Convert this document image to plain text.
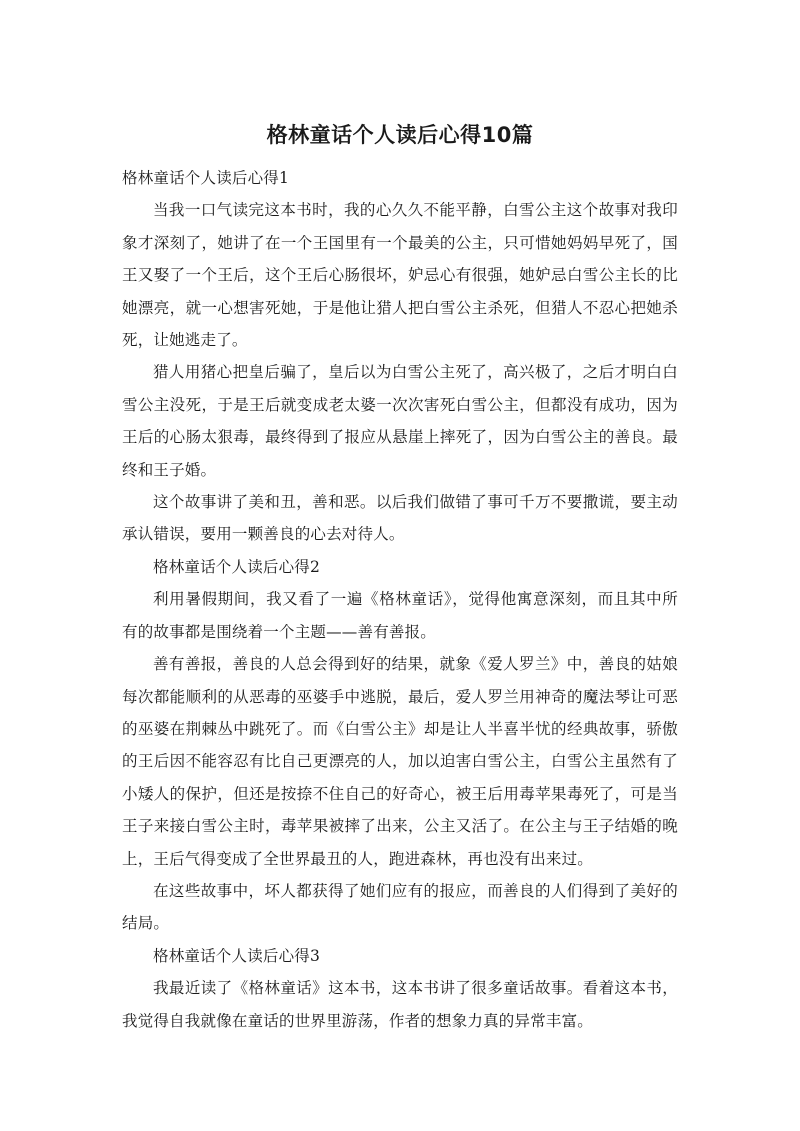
格林童话个人读后心得10篇

格林童话个人读后心得1

当我一口气读完这本书时，我的心久久不能平静，白雪公主这个故事对我印象才深刻了，她讲了在一个王国里有一个最美的公主，只可惜她妈妈早死了，国王又娶了一个王后，这个王后心肠很坏，妒忌心有很强，她妒忌白雪公主长的比她漂亮，就一心想害死她，于是他让猎人把白雪公主杀死，但猎人不忍心把她杀死，让她逃走了。

猎人用猪心把皇后骗了，皇后以为白雪公主死了，高兴极了，之后才明白白雪公主没死，于是王后就变成老太婆一次次害死白雪公主，但都没有成功，因为王后的心肠太狠毒，最终得到了报应从悬崖上摔死了，因为白雪公主的善良。最终和王子婚。

这个故事讲了美和丑，善和恶。以后我们做错了事可千万不要撒谎，要主动承认错误，要用一颗善良的心去对待人。

格林童话个人读后心得2

利用暑假期间，我又看了一遍《格林童话》，觉得他寓意深刻，而且其中所有的故事都是围绕着一个主题——善有善报。

善有善报，善良的人总会得到好的结果，就象《爱人罗兰》中，善良的姑娘每次都能顺利的从恶毒的巫婆手中逃脱，最后，爱人罗兰用神奇的魔法琴让可恶的巫婆在荆棘丛中跳死了。而《白雪公主》却是让人半喜半忧的经典故事，骄傲的王后因不能容忍有比自己更漂亮的人，加以迫害白雪公主，白雪公主虽然有了小矮人的保护，但还是按捺不住自己的好奇心，被王后用毒苹果毒死了，可是当王子来接白雪公主时，毒苹果被摔了出来，公主又活了。在公主与王子结婚的晚上，王后气得变成了全世界最丑的人，跑进森林，再也没有出来过。

在这些故事中，坏人都获得了她们应有的报应，而善良的人们得到了美好的结局。

格林童话个人读后心得3

我最近读了《格林童话》这本书，这本书讲了很多童话故事。看着这本书，我觉得自我就像在童话的世界里游荡，作者的想象力真的异常丰富。
